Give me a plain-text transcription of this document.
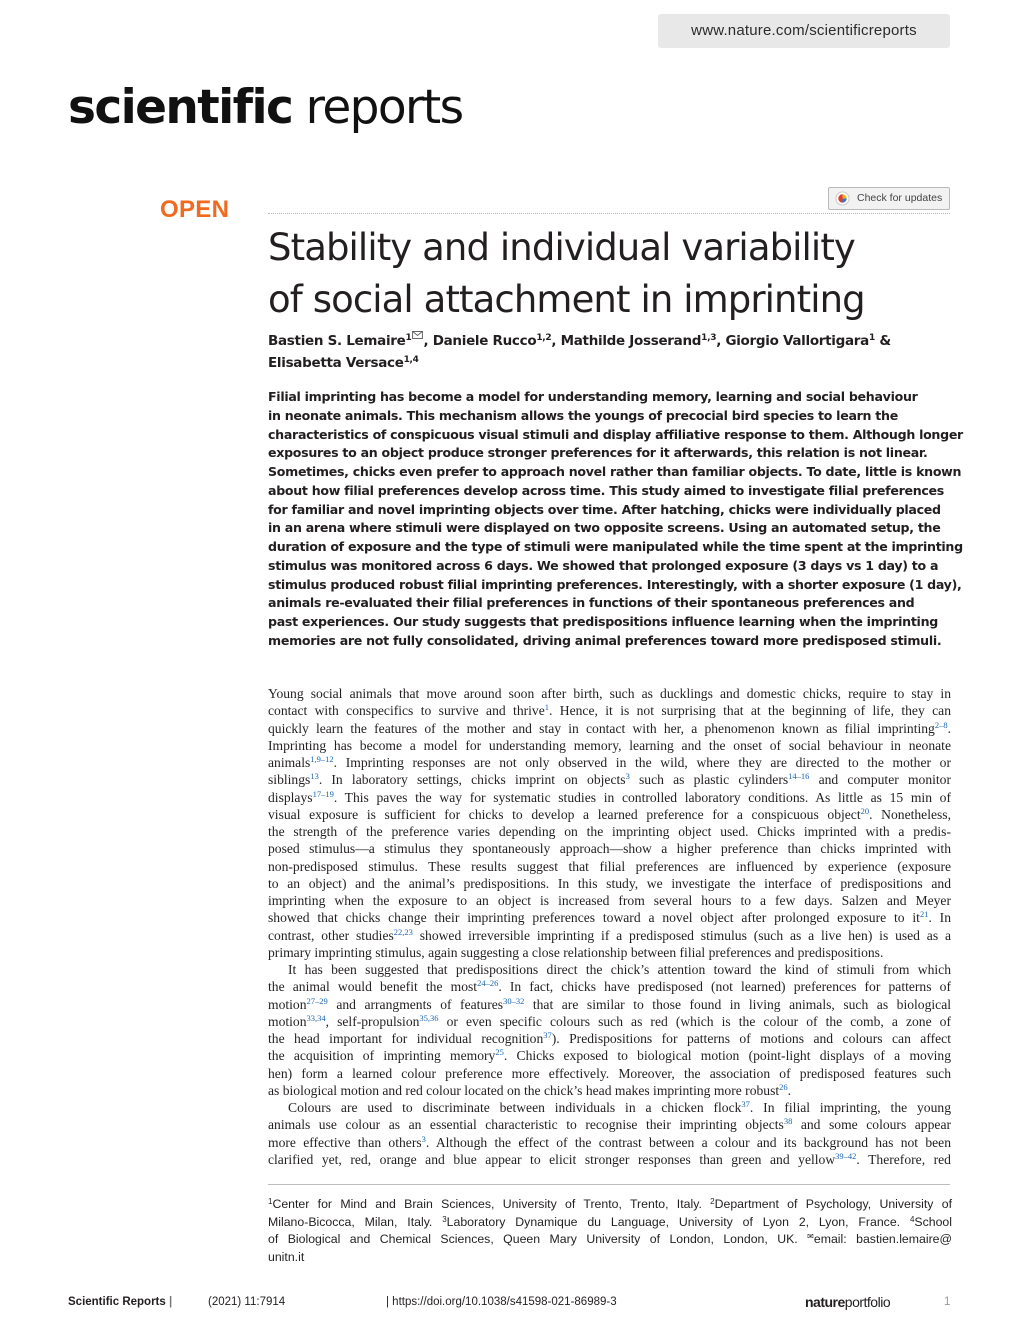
www.nature.com/scientificreports
scientific reports
Check for updates
OPEN
Stability and individual variability
of social attachment in imprinting
Bastien S. Lemaire$^1$ , Daniele Rucco$^{1,2}$, Mathilde Josserand$^{1,3}$, Giorgio Vallortigara$^1$ &
Elisabetta Versace$^{1,4}$
Filial imprinting has become a model for understanding memory, learning and social behaviour
in neonate animals. This mechanism allows the youngs of precocial bird species to learn the
characteristics of conspicuous visual stimuli and display affiliative response to them. Although longer
exposures to an object produce stronger preferences for it afterwards, this relation is not linear.
Sometimes, chicks even prefer to approach novel rather than familiar objects. To date, little is known
about how filial preferences develop across time. This study aimed to investigate filial preferences
for familiar and novel imprinting objects over time. After hatching, chicks were individually placed
in an arena where stimuli were displayed on two opposite screens. Using an automated setup, the
duration of exposure and the type of stimuli were manipulated while the time spent at the imprinting
stimulus was monitored across 6 days. We showed that prolonged exposure (3 days vs 1 day) to a
stimulus produced robust filial imprinting preferences. Interestingly, with a shorter exposure (1 day),
animals re-evaluated their filial preferences in functions of their spontaneous preferences and
past experiences. Our study suggests that predispositions influence learning when the imprinting
memories are not fully consolidated, driving animal preferences toward more predisposed stimuli.
Young social animals that move around soon after birth, such as ducklings and domestic chicks, require to stay in
contact with conspecifics to survive and thrive$^1$. Hence, it is not surprising that at the beginning of life, they can
quickly learn the features of the mother and stay in contact with her, a phenomenon known as filial imprinting$^{2-8}$.
Imprinting has become a model for understanding memory, learning and the onset of social behaviour in neonate
animals$^{1,9-12}$. Imprinting responses are not only observed in the wild, where they are directed to the mother or
siblings$^{13}$. In laboratory settings, chicks imprint on objects$^3$ such as plastic cylinders$^{14-16}$ and computer monitor
displays$^{17-19}$. This paves the way for systematic studies in controlled laboratory conditions. As little as 15 min of
visual exposure is sufficient for chicks to develop a learned preference for a conspicuous object$^{20}$. Nonetheless,
the strength of the preference varies depending on the imprinting object used. Chicks imprinted with a predis-
posed stimulus—a stimulus they spontaneously approach—show a higher preference than chicks imprinted with
non-predisposed stimulus. These results suggest that filial preferences are influenced by experience (exposure
to an object) and the animal’s predispositions. In this study, we investigate the interface of predispositions and
imprinting when the exposure to an object is increased from several hours to a few days. Salzen and Meyer
showed that chicks change their imprinting preferences toward a novel object after prolonged exposure to $it^{21}$. In
contrast, other studies$^{22,23}$ showed irreversible imprinting if a predisposed stimulus (such as a live hen) is used as a
primary imprinting stimulus, again suggesting a close relationship between filial preferences and predispositions.
It has been suggested that predispositions direct the chick’s attention toward the kind of stimuli from which
the animal would benefit the most$^{24-26}$. In fact, chicks have predisposed (not learned) preferences for patterns of
motion$^{27-29}$ and arrangments of features$^{30-32}$ that are similar to those found in living animals, such as biological
motion$^{33,34}$, self-propulsion$^{35,36}$ or even specific colours such as red (which is the colour of the comb, a zone of
the head important for individual recognition$^{37}$). Predispositions for patterns of motions and colours can affect
the acquisition of imprinting memory$^{25}$. Chicks exposed to biological motion (point-light displays of a moving
hen) form a learned colour preference more effectively. Moreover, the association of predisposed features such
as biological motion and red colour located on the chick’s head makes imprinting more robust$^{26}$.
Colours are used to discriminate between individuals in a chicken flock$^{37}$. In filial imprinting, the young
animals use colour as an essential characteristic to recognise their imprinting objects$^{38}$ and some colours appear
more effective than others$^3$. Although the effect of the contrast between a colour and its background has not been
clarified yet, red, orange and blue appear to elicit stronger responses than green and yellow$^{39-42}$. Therefore, red
$^1$Center for Mind and Brain Sciences, University of Trento, Trento, Italy. $^2$Department of Psychology, University of
Milano-Bicocca, Milan, Italy. $^3$Laboratory Dynamique du Language, University of Lyon 2, Lyon, France. $^4$School
of Biological and Chemical Sciences, Queen Mary University of London, London, UK. ✉email: bastien.lemaire@
unitn.it
Scientific Reports |	(2021) 11:7914	| https://doi.org/10.1038/s41598-021-86989-3	natureportfolio	1
